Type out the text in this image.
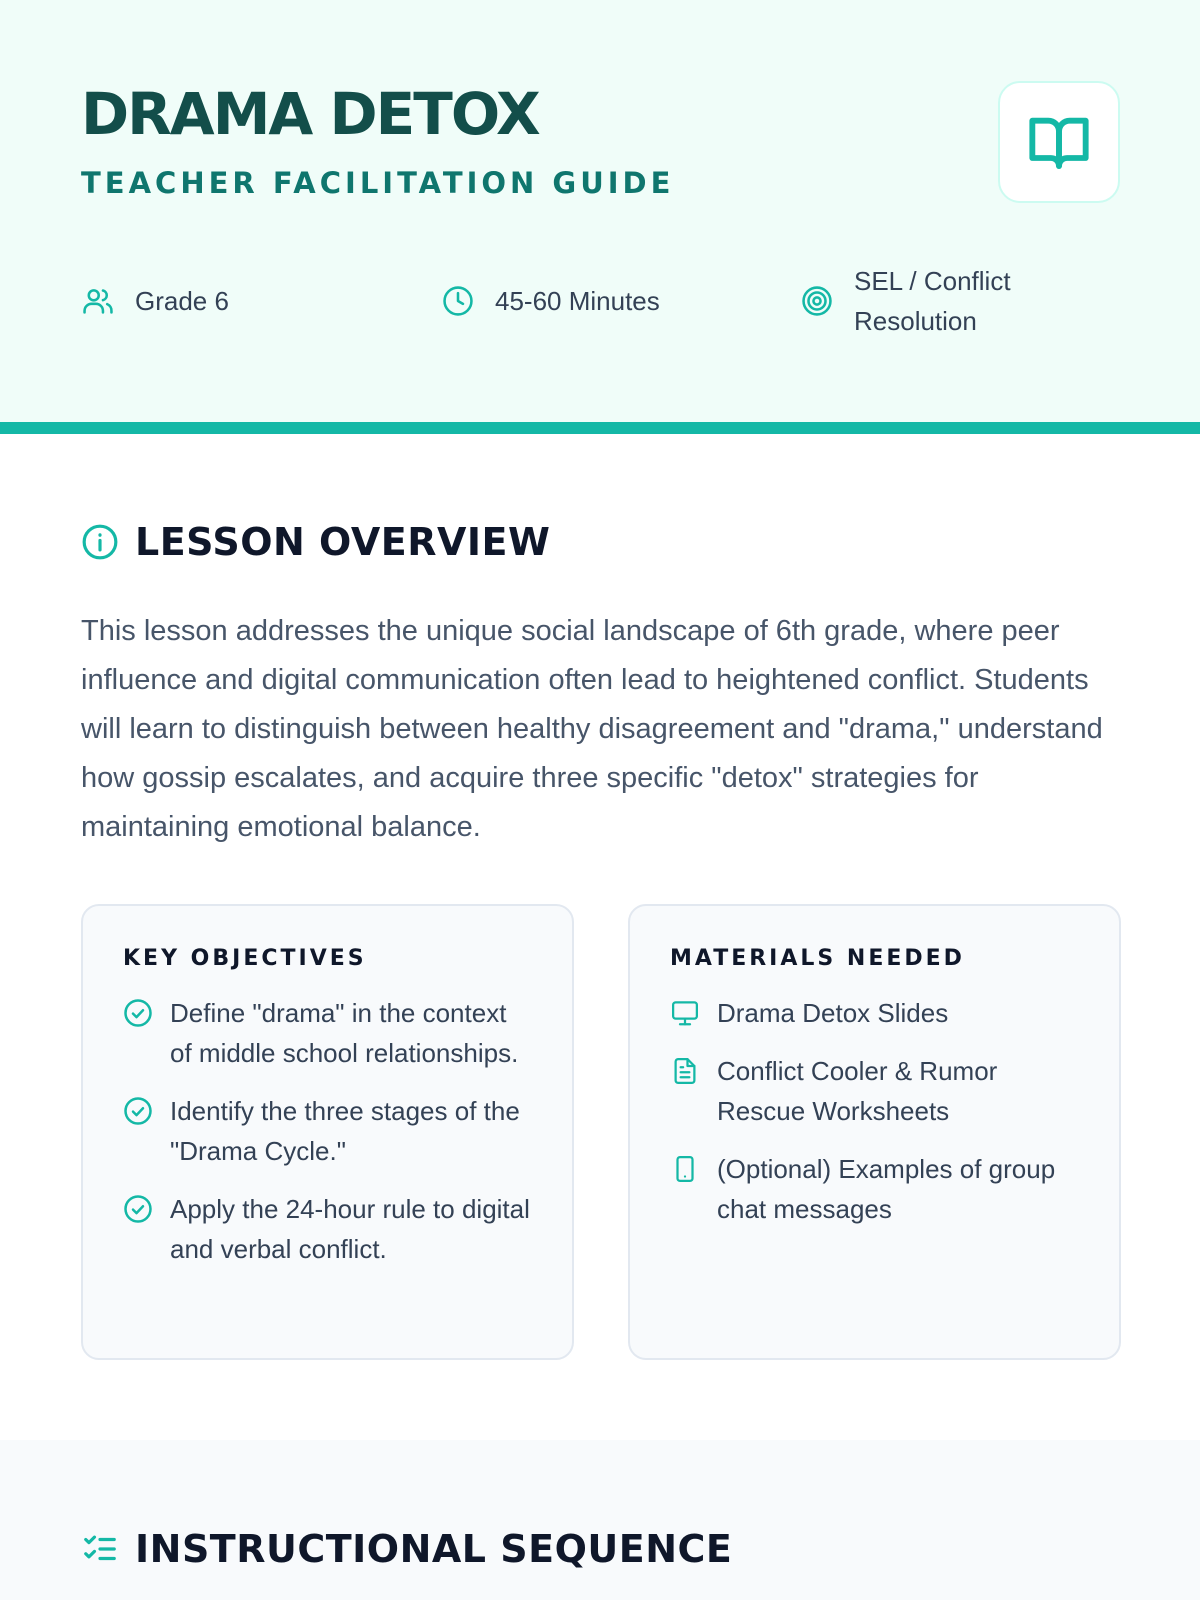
DRAMA DETOX
TEACHER FACILITATION GUIDE
Grade 6	45-60 Minutes
SEL / Conflict Resolution
LESSON OVERVIEW

This lesson addresses the unique social landscape of 6th grade, where peer influence and digital communication often lead to heightened conflict. Students will learn to distinguish between healthy disagreement and "drama," understand how gossip escalates, and acquire three specific "detox" strategies for maintaining emotional balance.

KEY OBJECTIVES
Define "drama" in the context of middle school relationships.
Identify the three stages of the "Drama Cycle."
Apply the 24-hour rule to digital and verbal conflict.
MATERIALS NEEDED
Drama Detox Slides
Conflict Cooler & Rumor Rescue Worksheets
(Optional) Examples of group chat messages
INSTRUCTIONAL SEQUENCE
